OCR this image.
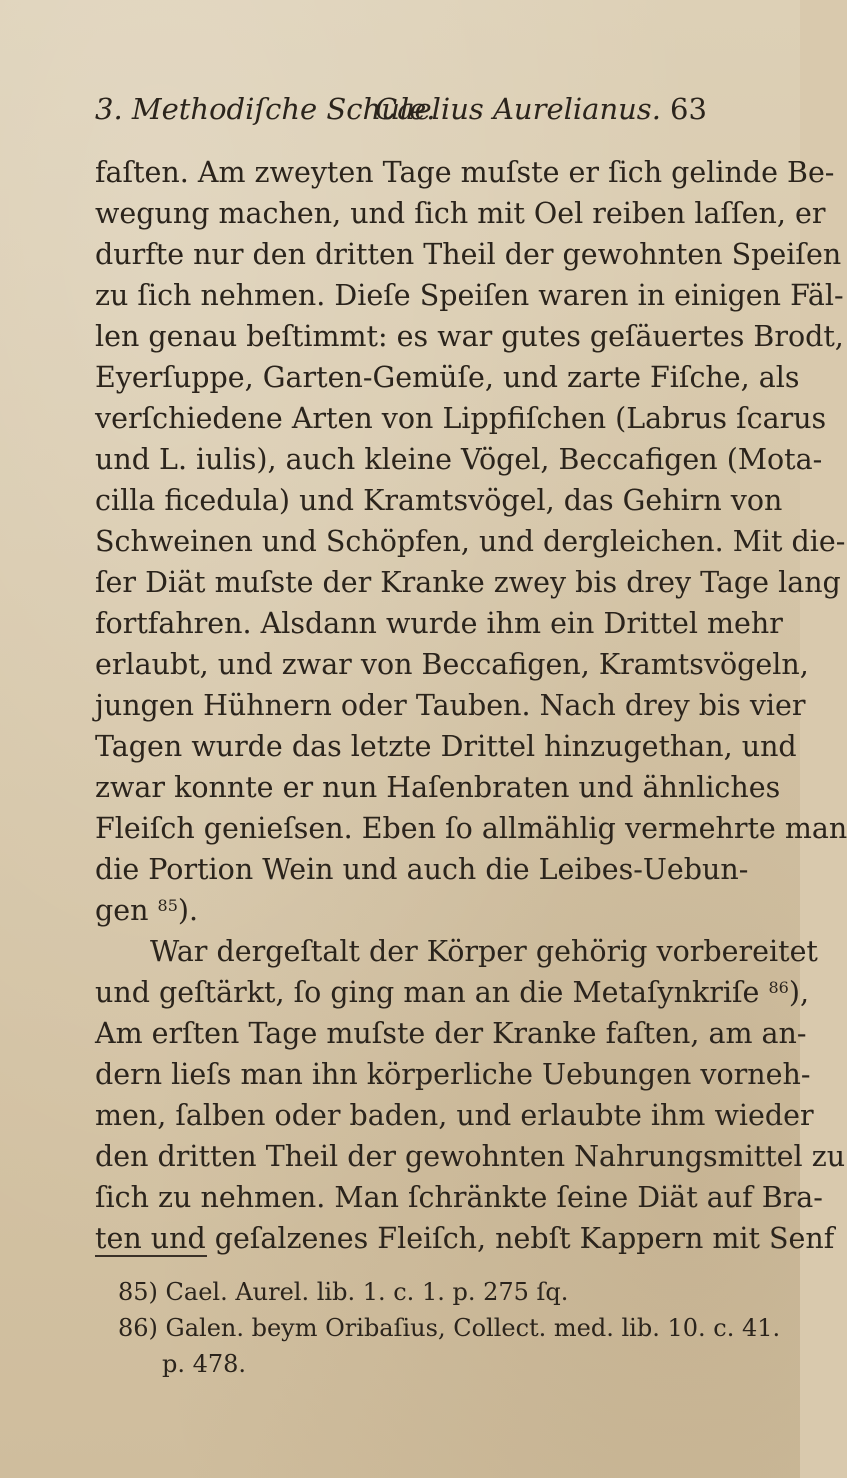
3. Methodiſche Schule.
Caelius Aurelianus. 63
faſten. Am zweyten Tage muſste er ſich gelinde Be-
wegung machen, und ſich mit Oel reiben laſſen, er
durfte nur den dritten Theil der gewohnten Speiſen
zu ſich nehmen. Dieſe Speiſen waren in einigen Fäl-
len genau beſtimmt: es war gutes geſäuertes Brodt,
Eyerſuppe, Garten-Gemüſe, und zarte Fiſche, als
verſchiedene Arten von Lippfiſchen (Labrus ſcarus
und L. iulis), auch kleine Vögel, Beccafigen (Mota-
cilla ficedula) und Kramtsvögel, das Gehirn von
Schweinen und Schöpfen, und dergleichen. Mit die-
ſer Diät muſste der Kranke zwey bis drey Tage lang
fortfahren. Alsdann wurde ihm ein Drittel mehr
erlaubt, und zwar von Beccafigen, Kramtsvögeln,
jungen Hühnern oder Tauben. Nach drey bis vier
Tagen wurde das letzte Drittel hinzugethan, und
zwar konnte er nun Haſenbraten und ähnliches
Fleiſch genieſsen. Eben ſo allmählig vermehrte man
die Portion Wein und auch die Leibes-Uebun-
gen $^{85}$).
War dergeſtalt der Körper gehörig vorbereitet
und geſtärkt, ſo ging man an die Metaſynkriſe $^{86}$),
Am erſten Tage muſste der Kranke faſten, am an-
dern lieſs man ihn körperliche Uebungen vorneh-
men, ſalben oder baden, und erlaubte ihm wieder
den dritten Theil der gewohnten Nahrungsmittel zu
ſich zu nehmen. Man ſchränkte ſeine Diät auf Bra-
ten und geſalzenes Fleiſch, nebſt Kappern mit Senf
85) Cael. Aurel. lib. 1. c. 1. p. 275 ſq.
86) Galen. beym Oribaſius, Collect. med. lib. 10. c. 41.
p. 478.
